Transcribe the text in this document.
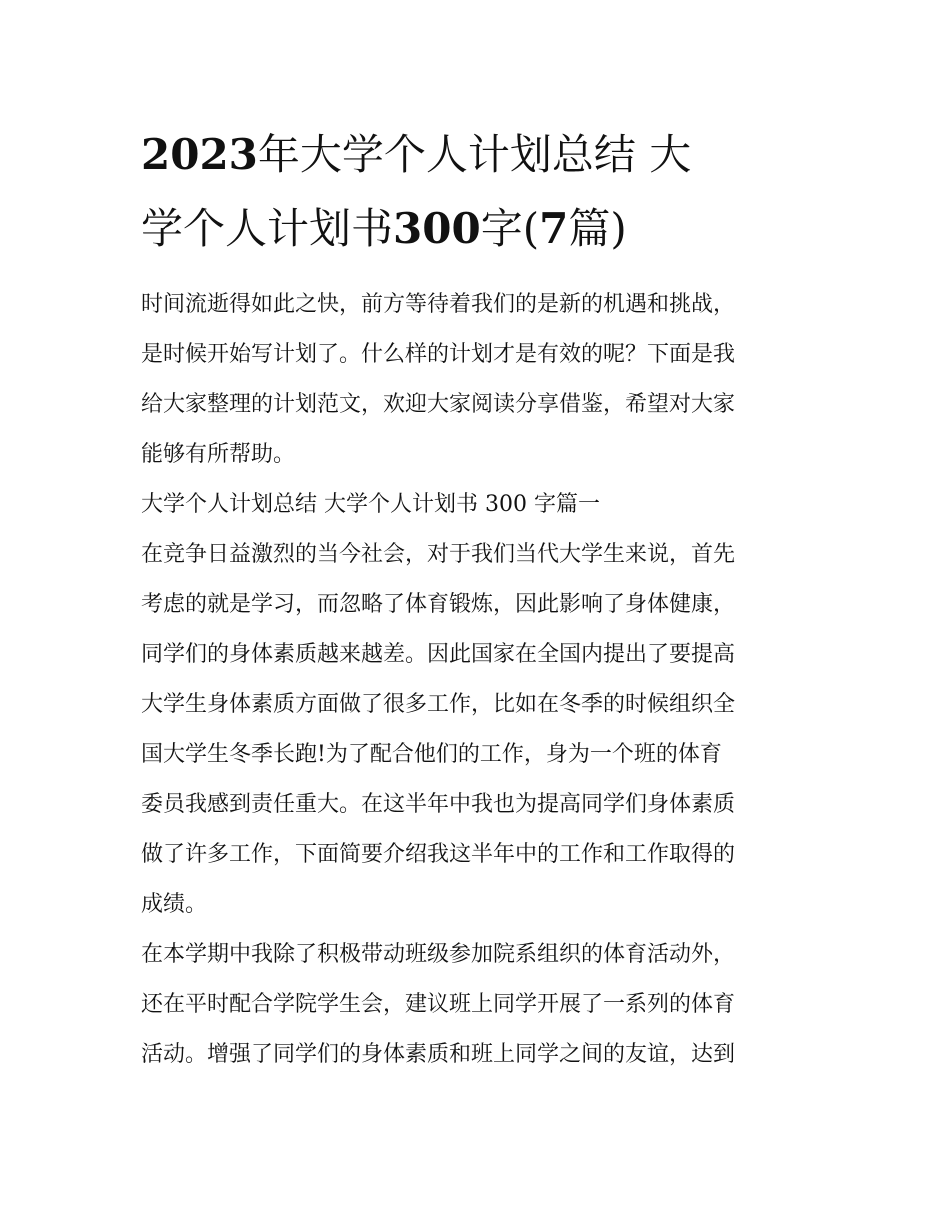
2023年大学个人计划总结 大
学个人计划书300字(7篇)
时间流逝得如此之快，前方等待着我们的是新的机遇和挑战，
是时候开始写计划了。什么样的计划才是有效的呢？下面是我
给大家整理的计划范文，欢迎大家阅读分享借鉴，希望对大家
能够有所帮助。
大学个人计划总结 大学个人计划书 300 字篇一
在竞争日益激烈的当今社会，对于我们当代大学生来说，首先
考虑的就是学习，而忽略了体育锻炼，因此影响了身体健康，
同学们的身体素质越来越差。因此国家在全国内提出了要提高
大学生身体素质方面做了很多工作，比如在冬季的时候组织全
国大学生冬季长跑!为了配合他们的工作，身为一个班的体育
委员我感到责任重大。在这半年中我也为提高同学们身体素质
做了许多工作，下面简要介绍我这半年中的工作和工作取得的
成绩。
在本学期中我除了积极带动班级参加院系组织的体育活动外，
还在平时配合学院学生会，建议班上同学开展了一系列的体育
活动。增强了同学们的身体素质和班上同学之间的友谊，达到
